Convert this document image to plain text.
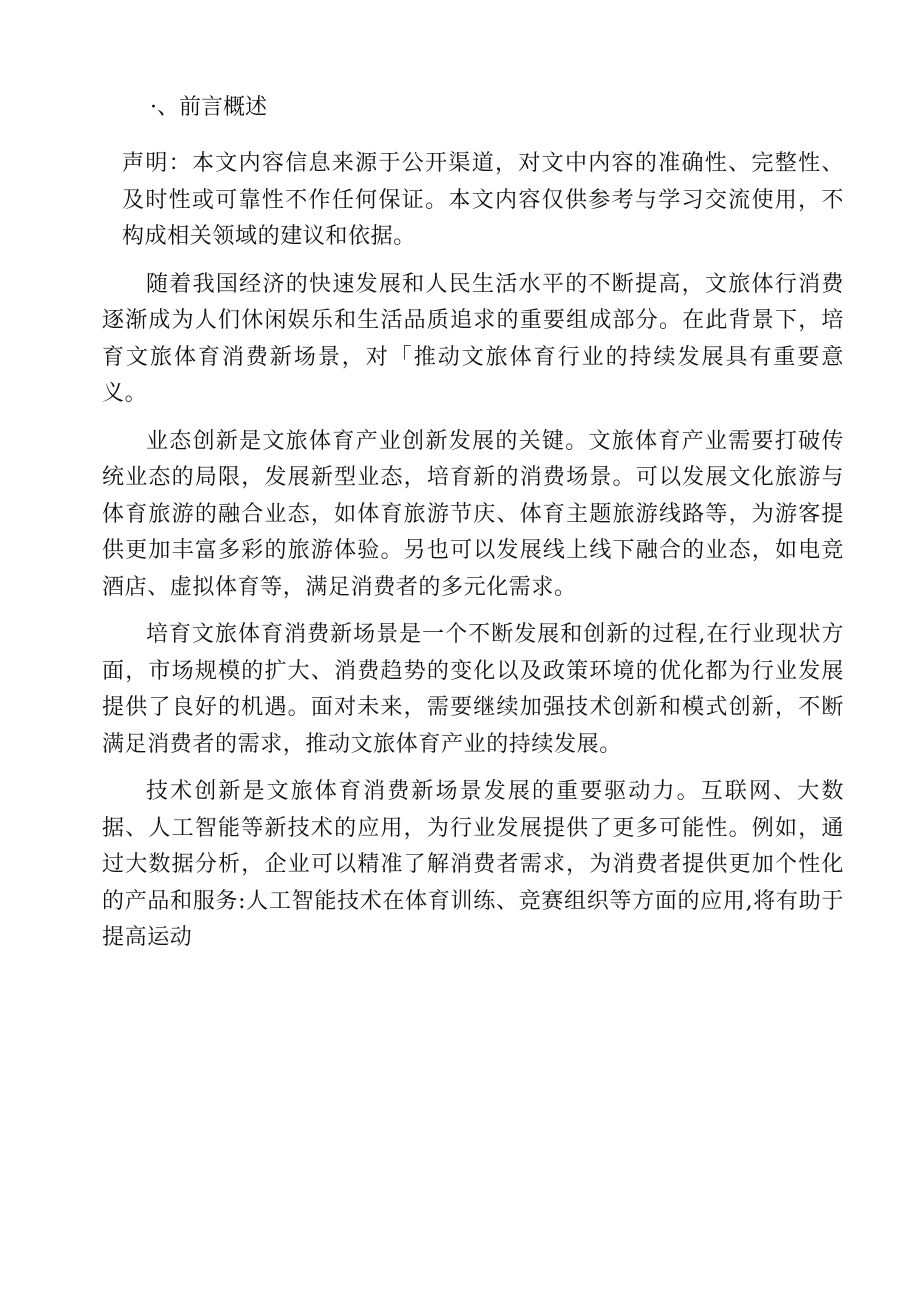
·、前言概述

声明：本文内容信息来源于公开渠道，对文中内容的准确性、完整性、及时性或可靠性不作任何保证。本文内容仅供参考与学习交流使用，不构成相关领域的建议和依据。

随着我国经济的快速发展和人民生活水平的不断提高，文旅体行消费逐渐成为人们休闲娱乐和生活品质追求的重要组成部分。在此背景下，培育文旅体育消费新场景，对「推动文旅体育行业的持续发展具有重要意义。

业态创新是文旅体育产业创新发展的关键。文旅体育产业需要打破传统业态的局限，发展新型业态，培育新的消费场景。可以发展文化旅游与体育旅游的融合业态，如体育旅游节庆、体育主题旅游线路等，为游客提供更加丰富多彩的旅游体验。另也可以发展线上线下融合的业态，如电竞酒店、虚拟体育等，满足消费者的多元化需求。

培育文旅体育消费新场景是一个不断发展和创新的过程,在行业现状方面，市场规模的扩大、消费趋势的变化以及政策环境的优化都为行业发展提供了良好的机遇。面对未来，需要继续加强技术创新和模式创新，不断满足消费者的需求，推动文旅体育产业的持续发展。

技术创新是文旅体育消费新场景发展的重要驱动力。互联网、大数据、人工智能等新技术的应用，为行业发展提供了更多可能性。例如，通过大数据分析，企业可以精准了解消费者需求，为消费者提供更加个性化的产品和服务:人工智能技术在体育训练、竞赛组织等方面的应用,将有助于提高运动
